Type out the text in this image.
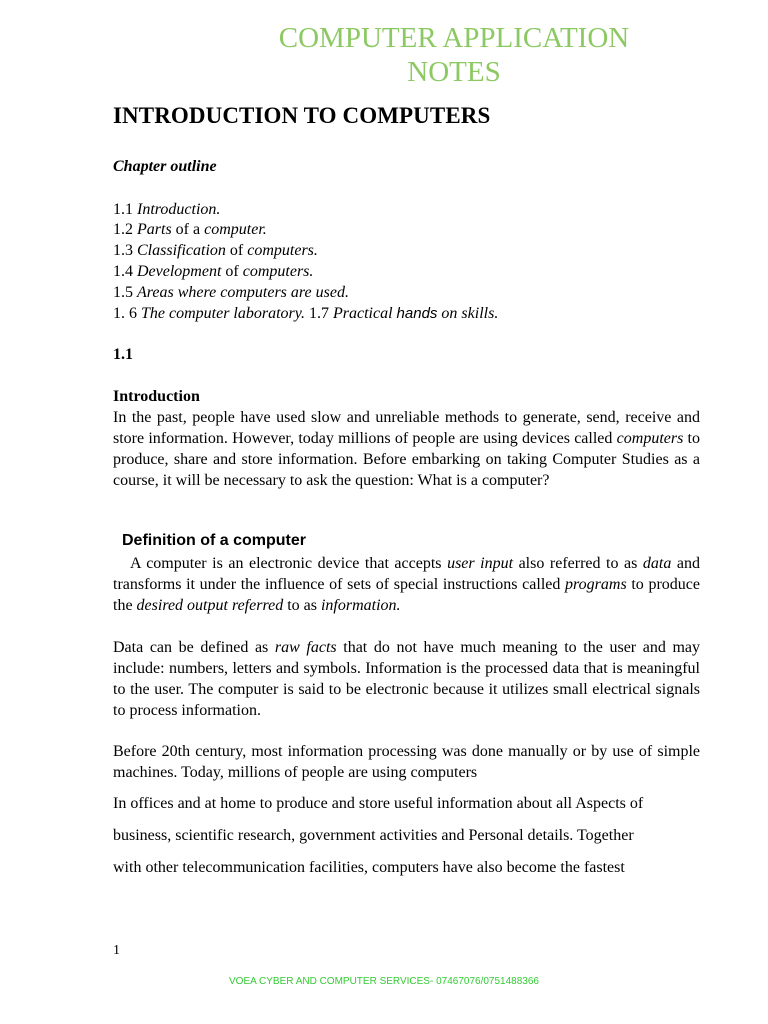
COMPUTER APPLICATION
NOTES
INTRODUCTION TO COMPUTERS
Chapter outline
1.1 Introduction.
1.2 Parts of a computer.
1.3 Classification of computers.
1.4 Development of computers.
1.5 Areas where computers are used.
1. 6 The computer laboratory. 1.7 Practical hands on skills.
1.1
Introduction

In the past, people have used slow and unreliable methods to generate, send, receive and store information. However, today millions of people are using devices called computers to produce, share and store information. Before embarking on taking Computer Studies as a course, it will be necessary to ask the question: What is a computer?

Definition of a computer

A computer is an electronic device that accepts user input also referred to as data and transforms it under the influence of sets of special instructions called programs to produce the desired output referred to as information.

Data can be defined as raw facts that do not have much meaning to the user and may include: numbers, letters and symbols. Information is the processed data that is meaningful to the user. The computer is said to be electronic because it utilizes small electrical signals to process information.

Before 20th century, most information processing was done manually or by use of simple machines. Today, millions of people are using computers
In offices and at home to produce and store useful information about all Aspects of
business, scientific research, government activities and Personal details. Together
with other telecommunication facilities, computers have also become the fastest
1
VOEA CYBER AND COMPUTER SERVICES- 07467076/0751488366
